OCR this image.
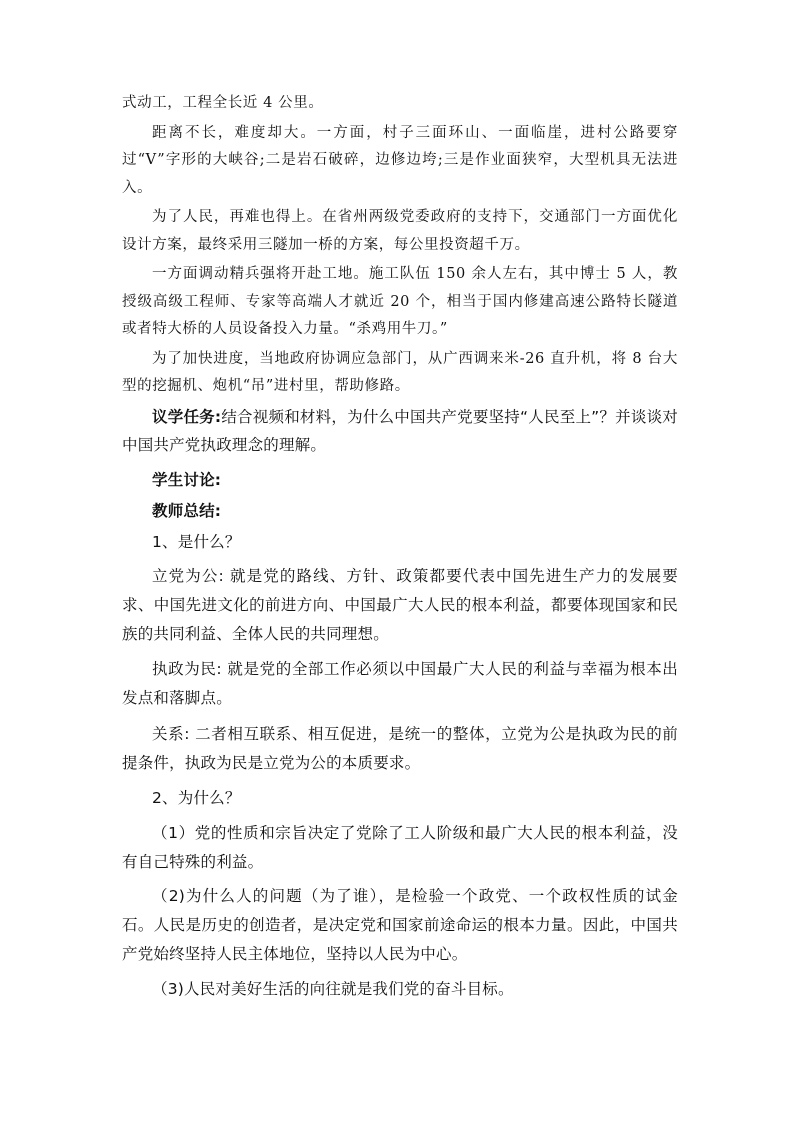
式动工，工程全长近 4 公里。

距离不长，难度却大。一方面，村子三面环山、一面临崖，进村公路要穿过“V”字形的大峡谷;二是岩石破碎，边修边垮;三是作业面狭窄，大型机具无法进入。

为了人民，再难也得上。在省州两级党委政府的支持下，交通部门一方面优化设计方案，最终采用三隧加一桥的方案，每公里投资超千万。

一方面调动精兵强将开赴工地。施工队伍 150 余人左右，其中博士 5 人，教授级高级工程师、专家等高端人才就近 20 个，相当于国内修建高速公路特长隧道或者特大桥的人员设备投入力量。“杀鸡用牛刀。”

为了加快进度，当地政府协调应急部门，从广西调来米-26 直升机，将 8 台大型的挖掘机、炮机“吊”进村里，帮助修路。

议学任务:结合视频和材料，为什么中国共产党要坚持“人民至上”？并谈谈对中国共产党执政理念的理解。

学生讨论:

教师总结:

1、是什么？

立党为公: 就是党的路线、方针、政策都要代表中国先进生产力的发展要求、中国先进文化的前进方向、中国最广大人民的根本利益，都要体现国家和民族的共同利益、全体人民的共同理想。

执政为民: 就是党的全部工作必须以中国最广大人民的利益与幸福为根本出发点和落脚点。

关系: 二者相互联系、相互促进，是统一的整体，立党为公是执政为民的前提条件，执政为民是立党为公的本质要求。

2、为什么？

（1）党的性质和宗旨决定了党除了工人阶级和最广大人民的根本利益，没有自己特殊的利益。

（2)为什么人的问题（为了谁），是检验一个政党、一个政权性质的试金石。人民是历史的创造者，是决定党和国家前途命运的根本力量。因此，中国共产党始终坚持人民主体地位，坚持以人民为中心。

（3)人民对美好生活的向往就是我们党的奋斗目标。
